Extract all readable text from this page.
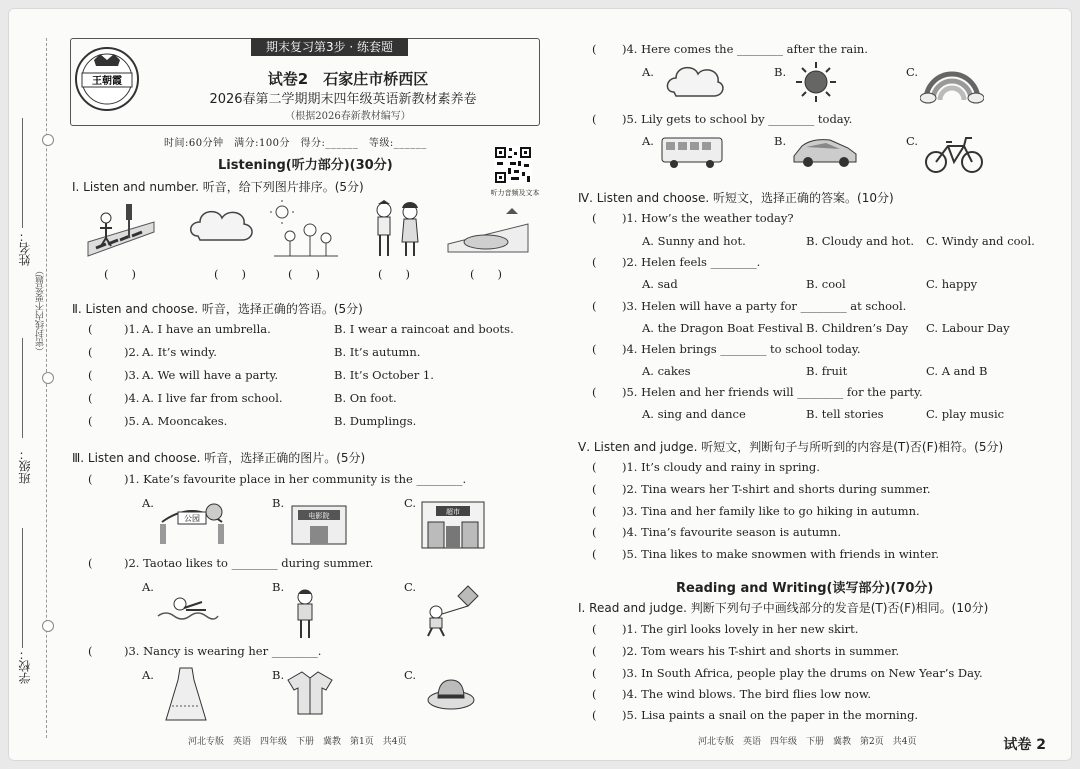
姓名：
（密封线内不要答题）
班级：
学校：
期末复习第3步 · 练套题
王朝霞	试卷2　石家庄市桥西区
2026春第二学期期末四年级英语新教材素养卷
（根据2026春新教材编写）
时间:60分钟　满分:100分　得分:______　等级:______
听力音频及文本
Listening(听力部分)(30分)
Ⅰ. Listen and number. 听音，给下列图片排序。(5分)
(　　)	(　　)	(　　)	(　　)	(　　)
Ⅱ. Listen and choose. 听音，选择正确的答语。(5分)
(	)1. A. I have an umbrella.	B. I wear a raincoat and boots.
(	)2. A. It’s windy.	B. It’s autumn.
(	)3. A. We will have a party.	B. It’s October 1.
(	)4. A. I live far from school.	B. On foot.
(	)5. A. Mooncakes.	B. Dumplings.
Ⅲ. Listen and choose. 听音，选择正确的图片。(5分)
(	)1. Kate’s favourite place in her community is the ________.
A.	B.	C.
公园	电影院	超市
(	)2. Taotao likes to ________ during summer.
A.	B.	C.
(	)3. Nancy is wearing her ________.
A.	B.	C.
河北专版　英语　四年级　下册　冀教　第1页　共4页
( )4. Here comes the ________ after the rain.
A.	B.	C.
( )5. Lily gets to school by ________ today.
A.	B.	C.
Ⅳ. Listen and choose. 听短文，选择正确的答案。(10分)
( )1. How’s the weather today?
A. Sunny and hot.	B. Cloudy and hot. C. Windy and cool.
( )2. Helen feels ________.
A. sad	B. cool	C. happy
( )3. Helen will have a party for ________ at school.
A. the Dragon Boat Festival B. Children’s Day C. Labour Day
( )4. Helen brings ________ to school today.
A. cakes	B. fruit	C. A and B
( )5. Helen and her friends will ________ for the party.
A. sing and dance	B. tell stories	C. play music
Ⅴ. Listen and judge. 听短文，判断句子与所听到的内容是(T)否(F)相符。(5分)
( )1. It’s cloudy and rainy in spring.
( )2. Tina wears her T-shirt and shorts during summer.
( )3. Tina and her family like to go hiking in autumn.
( )4. Tina’s favourite season is autumn.
( )5. Tina likes to make snowmen with friends in winter.
Reading and Writing(读写部分)(70分)
Ⅰ. Read and judge. 判断下列句子中画线部分的发音是(T)否(F)相同。(10分)
( )1. The girl looks lovely in her new skirt.
( )2. Tom wears his T-shirt and shorts in summer.
( )3. In South Africa, people play the drums on New Year’s Day.
( )4. The wind blows. The bird flies low now.
( )5. Lisa paints a snail on the paper in the morning.
河北专版　英语　四年级　下册　冀教　第2页　共4页	试卷 2
